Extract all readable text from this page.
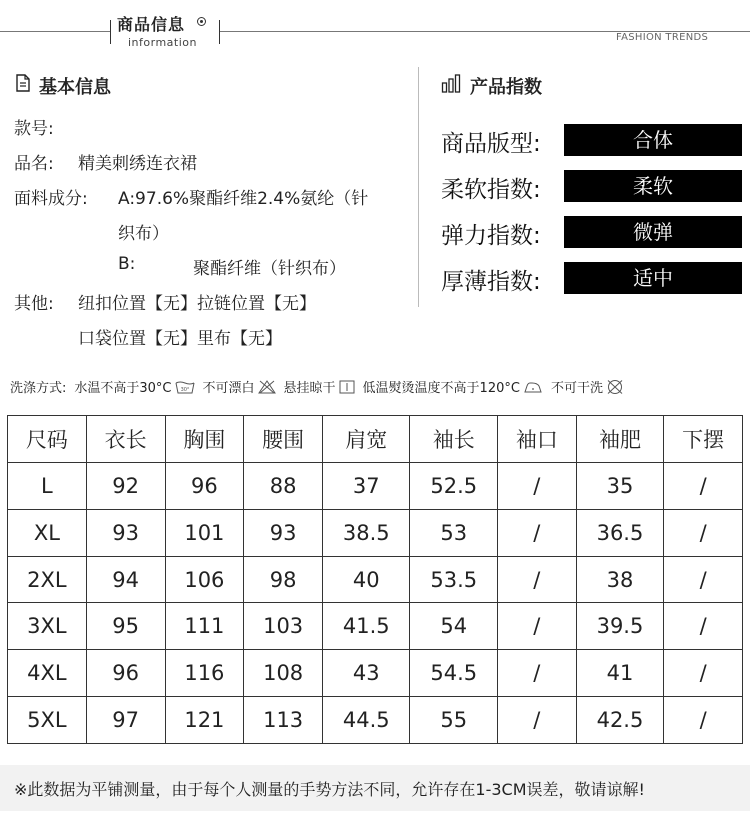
商品信息
information	FASHION TRENDS
基本信息
款号:
品名: 精美刺绣连衣裙
面料成分: A:97.6%聚酯纤维2.4%氨纶（针
织布）
B:	聚酯纤维（针织布）
其他: 纽扣位置【无】拉链位置【无】
口袋位置【无】里布【无】
产品指数
商品版型:	合体
柔软指数:	柔软
弹力指数:	微弹
厚薄指数:	适中
洗涤方式: 水温不高于30°C 30° 不可漂白 悬挂晾干 低温熨烫温度不高于120°C 不可干洗
尺码	衣长	胸围	腰围	肩宽	袖长	袖口	袖肥	下摆
L	92	96	88	37	52.5	/	35	/
XL	93	101	93	38.5	53	/	36.5	/
2XL	94	106	98	40	53.5	/	38	/
3XL	95	111	103	41.5	54	/	39.5	/
4XL	96	116	108	43	54.5	/	41	/
5XL	97	121	113	44.5	55	/	42.5	/
※此数据为平铺测量，由于每个人测量的手势方法不同，允许存在1-3CM误差，敬请谅解!
